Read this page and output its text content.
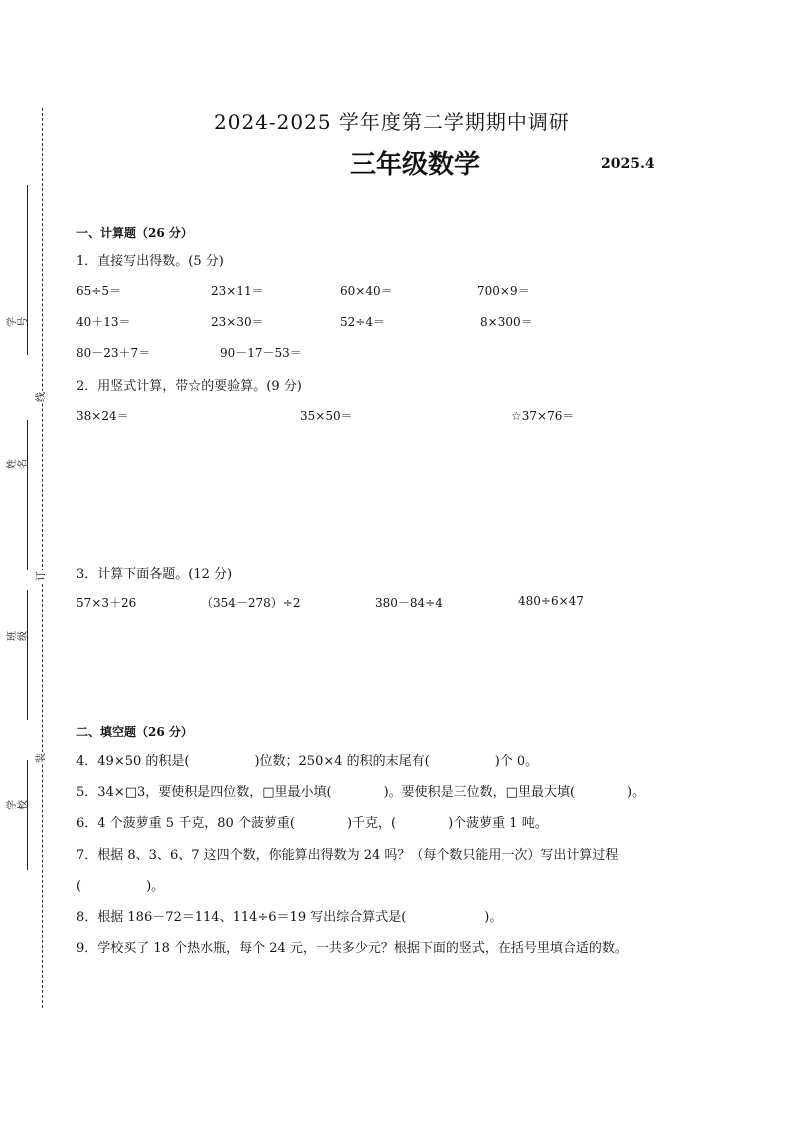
学号
姓名
班级
学校
线
订
装
2024-2025 学年度第二学期期中调研
三年级数学	2025.4
一、计算题（26 分）
1．直接写出得数。(5 分)
65÷5＝	23×11＝	60×40＝	700×9＝
40＋13＝	23×30＝	52÷4＝	8×300＝
80－23＋7＝	90－17－53＝
2．用竖式计算，带☆的要验算。(9 分)
38×24＝	35×50＝	☆37×76＝
3．计算下面各题。(12 分)
57×3＋26	（354－278）÷2	380－84÷4	480÷6×47
二、填空题（26 分）
4．49×50 的积是(　　　　　)位数；250×4 的积的末尾有(　　　　　)个 0。
5．34×□3，要使积是四位数，□里最小填(　　　　)。要使积是三位数，□里最大填(　　　　)。
6．4 个菠萝重 5 千克，80 个菠萝重(　　　　)千克，(　　　　)个菠萝重 1 吨。
7．根据 8、3、6、7 这四个数，你能算出得数为 24 吗？（每个数只能用一次）写出计算过程
(　　　　　)。
8．根据 186－72＝114、114÷6＝19 写出综合算式是(　　　　　　)。
9．学校买了 18 个热水瓶，每个 24 元，一共多少元？根据下面的竖式，在括号里填合适的数。
